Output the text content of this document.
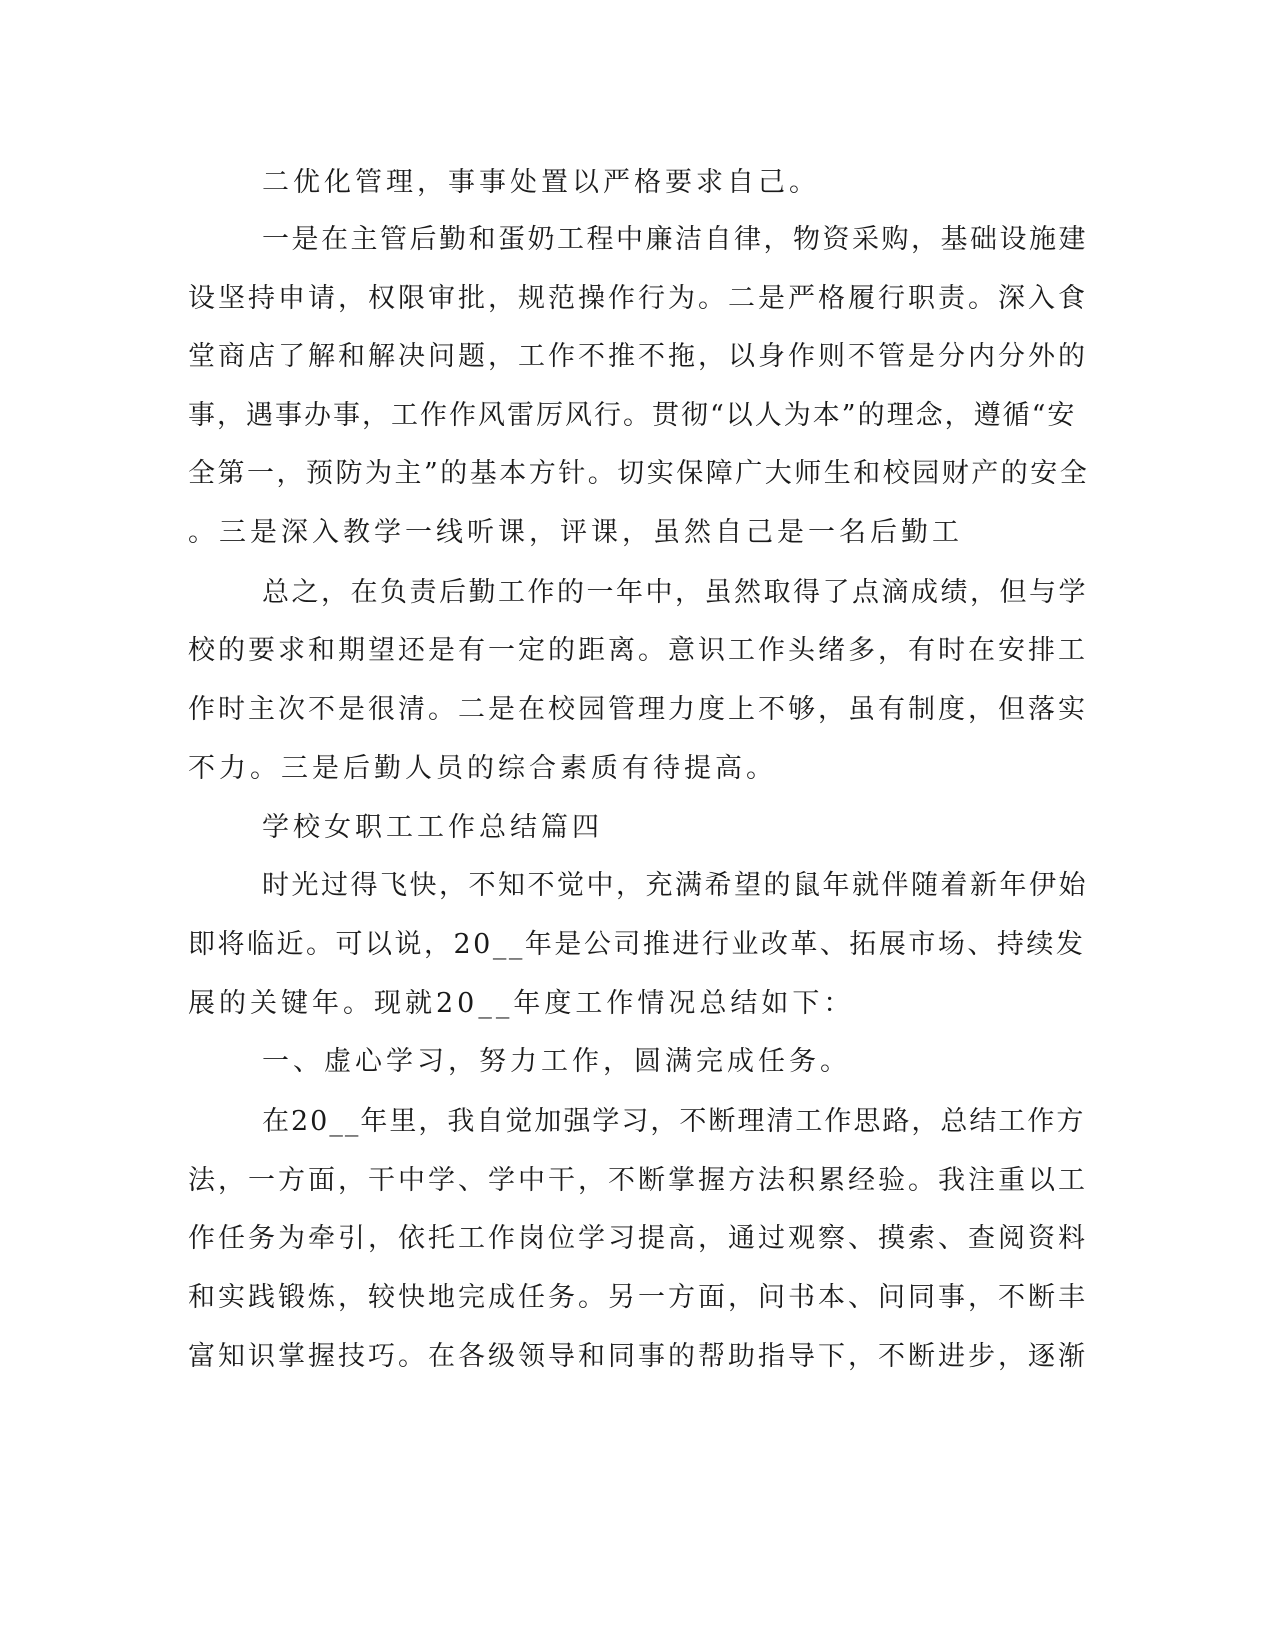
二优化管理，事事处置以严格要求自己。
一是在主管后勤和蛋奶工程中廉洁自律，物资采购，基础设施建
设坚持申请，权限审批，规范操作行为。二是严格履行职责。深入食
堂商店了解和解决问题，工作不推不拖，以身作则不管是分内分外的
事，遇事办事，工作作风雷厉风行。贯彻“以人为本”的理念，遵循“安
全第一，预防为主”的基本方针。切实保障广大师生和校园财产的安全
。三是深入教学一线听课，评课，虽然自己是一名后勤工
总之，在负责后勤工作的一年中，虽然取得了点滴成绩，但与学
校的要求和期望还是有一定的距离。意识工作头绪多，有时在安排工
作时主次不是很清。二是在校园管理力度上不够，虽有制度，但落实
不力。三是后勤人员的综合素质有待提高。
学校女职工工作总结篇四
时光过得飞快，不知不觉中，充满希望的鼠年就伴随着新年伊始
即将临近。可以说，20__年是公司推进行业改革、拓展市场、持续发
展的关键年。现就20__年度工作情况总结如下：
一、虚心学习，努力工作，圆满完成任务。
在20__年里，我自觉加强学习，不断理清工作思路，总结工作方
法，一方面，干中学、学中干，不断掌握方法积累经验。我注重以工
作任务为牵引，依托工作岗位学习提高，通过观察、摸索、查阅资料
和实践锻炼，较快地完成任务。另一方面，问书本、问同事，不断丰
富知识掌握技巧。在各级领导和同事的帮助指导下，不断进步，逐渐
